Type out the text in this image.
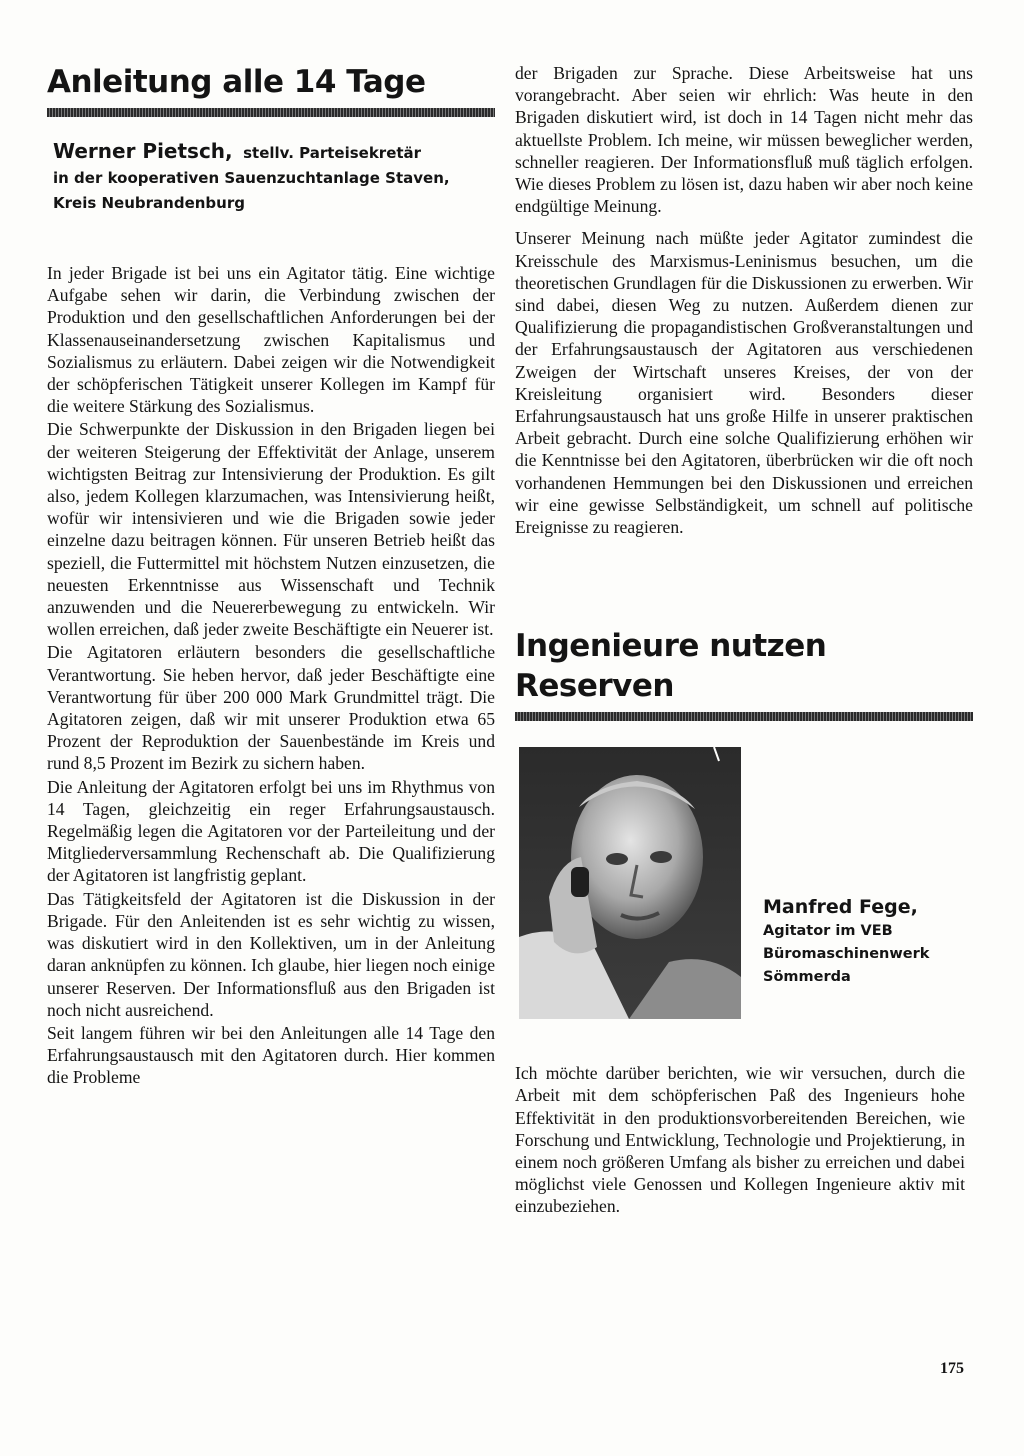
Anleitung alle 14 Tage
Werner Pietsch, stellv. Parteisekretär
in der kooperativen Sauenzuchtanlage Staven,
Kreis Neubrandenburg

In jeder Brigade ist bei uns ein Agitator tätig. Eine wichtige Aufgabe sehen wir darin, die Verbindung zwischen der Produktion und den gesellschaftlichen Anforderungen bei der Klassenauseinandersetzung zwischen Kapitalismus und Sozialismus zu erläutern. Dabei zeigen wir die Notwendigkeit der schöpferischen Tätigkeit unserer Kollegen im Kampf für die weitere Stärkung des Sozialismus.

Die Schwerpunkte der Diskussion in den Brigaden liegen bei der weiteren Steigerung der Effektivität der Anlage, unserem wichtigsten Beitrag zur Intensivierung der Produktion. Es gilt also, jedem Kollegen klarzumachen, was Intensivierung heißt, wofür wir intensivieren und wie die Brigaden sowie jeder einzelne dazu beitragen können. Für unseren Betrieb heißt das speziell, die Futtermittel mit höchstem Nutzen einzusetzen, die neuesten Erkenntnisse aus Wissenschaft und Technik anzuwenden und die Neuererbewegung zu entwickeln. Wir wollen erreichen, daß jeder zweite Beschäftigte ein Neuerer ist.

Die Agitatoren erläutern besonders die gesellschaftliche Verantwortung. Sie heben hervor, daß jeder Beschäftigte eine Verantwortung für über 200 000 Mark Grundmittel trägt. Die Agitatoren zeigen, daß wir mit unserer Produktion etwa 65 Prozent der Reproduktion der Sauenbestände im Kreis und rund 8,5 Prozent im Bezirk zu sichern haben.

Die Anleitung der Agitatoren erfolgt bei uns im Rhythmus von 14 Tagen, gleichzeitig ein reger Erfahrungsaustausch. Regelmäßig legen die Agitatoren vor der Parteileitung und der Mitgliederversammlung Rechenschaft ab. Die Qualifizierung der Agitatoren ist langfristig geplant.

Das Tätigkeitsfeld der Agitatoren ist die Diskussion in der Brigade. Für den Anleitenden ist es sehr wichtig zu wissen, was diskutiert wird in den Kollektiven, um in der Anleitung daran anknüpfen zu können. Ich glaube, hier liegen noch einige unserer Reserven. Der Informationsfluß aus den Brigaden ist noch nicht ausreichend.

Seit langem führen wir bei den Anleitungen alle 14 Tage den Erfahrungsaustausch mit den Agitatoren durch. Hier kommen die Probleme

der Brigaden zur Sprache. Diese Arbeitsweise hat uns vorangebracht. Aber seien wir ehrlich: Was heute in den Brigaden diskutiert wird, ist doch in 14 Tagen nicht mehr das aktuellste Problem. Ich meine, wir müssen beweglicher werden, schneller reagieren. Der Informationsfluß muß täglich erfolgen. Wie dieses Problem zu lösen ist, dazu haben wir aber noch keine endgültige Meinung.

Unserer Meinung nach müßte jeder Agitator zumindest die Kreisschule des Marxismus-Leninismus besuchen, um die theoretischen Grundlagen für die Diskussionen zu erwerben. Wir sind dabei, diesen Weg zu nutzen. Außerdem dienen zur Qualifizierung die propagandistischen Großveranstaltungen und der Erfahrungsaustausch der Agitatoren aus verschiedenen Zweigen der Wirtschaft unseres Kreises, der von der Kreisleitung organisiert wird. Besonders dieser Erfahrungsaustausch hat uns große Hilfe in unserer praktischen Arbeit gebracht. Durch eine solche Qualifizierung erhöhen wir die Kenntnisse bei den Agitatoren, überbrücken wir die oft noch vorhandenen Hemmungen bei den Diskussionen und erreichen wir eine gewisse Selbständigkeit, um schnell auf politische Ereignisse zu reagieren.

Ingenieure nutzen Reserven
Manfred Fege,
Agitator im VEB
Büromaschinenwerk
Sömmerda

Ich möchte darüber berichten, wie wir versuchen, durch die Arbeit mit dem schöpferischen Paß des Ingenieurs hohe Effektivität in den produktionsvorbereitenden Bereichen, wie Forschung und Entwicklung, Technologie und Projektierung, in einem noch größeren Umfang als bisher zu erreichen und dabei möglichst viele Genossen und Kollegen Ingenieure aktiv mit einzubeziehen.

175
